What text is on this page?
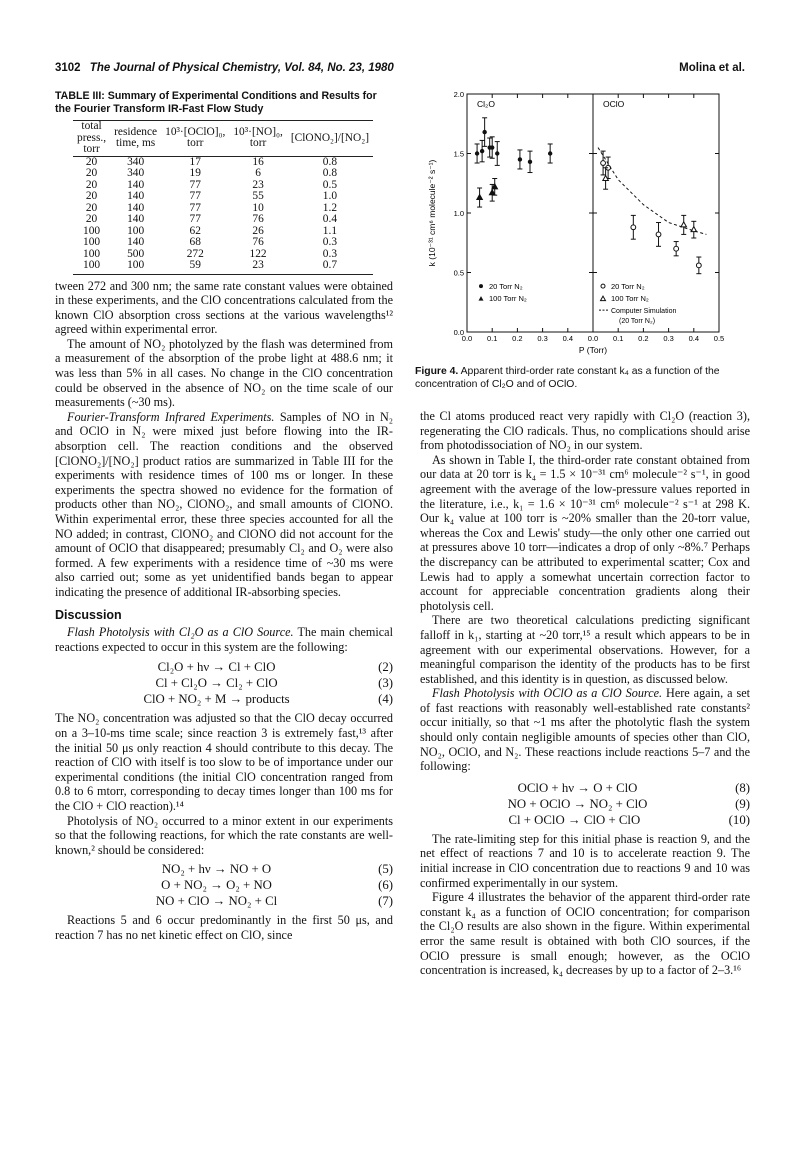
3102 The Journal of Physical Chemistry, Vol. 84, No. 23, 1980	Molina et al.
TABLE III: Summary of Experimental Conditions and Results for the Fourier Transform IR-Fast Flow Study
total press., torr	residence time, ms	10³·[OClO]₀, torr	10³·[NO]₀, torr	[ClONO₂]/[NO₂]
20	340	17	16	0.8
20	340	19	6	0.8
20	140	77	23	0.5
20	140	77	55	1.0
20	140	77	10	1.2
20	140	77	76	0.4
100	100	62	26	1.1
100	140	68	76	0.3
100	500	272	122	0.3
100	100	59	23	0.7

tween 272 and 300 nm; the same rate constant values were obtained in these experiments, and the ClO concentrations calculated from the known ClO absorption cross sections at the various wavelengths¹² agreed within experimental error.

The amount of NO₂ photolyzed by the flash was determined from a measurement of the absorption of the probe light at 488.6 nm; it was less than 5% in all cases. No change in the ClO concentration could be observed in the absence of NO₂ on the time scale of our measurements (~30 ms).

Fourier-Transform Infrared Experiments. Samples of NO in N₂ and OClO in N₂ were mixed just before flowing into the IR-absorption cell. The reaction conditions and the observed [ClONO₂]/[NO₂] product ratios are summarized in Table III for the experiments with residence times of 100 ms or longer. In these experiments the spectra showed no evidence for the formation of products other than NO₂, ClONO₂, and small amounts of ClONO. Within experimental error, these three species accounted for all the NO added; in contrast, ClONO₂ and ClONO did not account for the amount of OClO that disappeared; presumably Cl₂ and O₂ were also formed. A few experiments with a residence time of ~30 ms were also carried out; some as yet unidentified bands began to appear indicating the presence of additional IR-absorbing species.

Discussion

Flash Photolysis with Cl₂O as a ClO Source. The main chemical reactions expected to occur in this system are the following:

Cl₂O + hν → Cl + ClO	(2)
Cl + Cl₂O → Cl₂ + ClO	(3)
ClO + NO₂ + M → products	(4)

The NO₂ concentration was adjusted so that the ClO decay occurred on a 3–10-ms time scale; since reaction 3 is extremely fast,¹³ after the initial 50 μs only reaction 4 should contribute to this decay. The reaction of ClO with itself is too slow to be of importance under our experimental conditions (the initial ClO concentration ranged from 0.8 to 6 mtorr, corresponding to decay times longer than 100 ms for the ClO + ClO reaction).¹⁴

Photolysis of NO₂ occurred to a minor extent in our experiments so that the following reactions, for which the rate constants are well-known,² should be considered:

NO₂ + hν → NO + O	(5)
O + NO₂ → O₂ + NO	(6)
NO + ClO → NO₂ + Cl	(7)

Reactions 5 and 6 occur predominantly in the first 50 μs, and reaction 7 has no net kinetic effect on ClO, since

Cl₂O
0.0 0.1 0.2 0.3 0.4
OClO
0.0 0.1 0.2 0.3 0.4 0.5
0.0
0.5
1.0
1.5
2.0
k (10⁻³¹ cm⁶ molecule⁻² s⁻¹)
P (Torr)
20 Torr N₂
100 Torr N₂
20 Torr N₂
100 Torr N₂
Computer Simulation
(20 Torr N₂)
Figure 4. Apparent third-order rate constant k₄ as a function of the concentration of Cl₂O and of OClO.

the Cl atoms produced react very rapidly with Cl₂O (reaction 3), regenerating the ClO radicals. Thus, no complications should arise from photodissociation of NO₂ in our system.

As shown in Table I, the third-order rate constant obtained from our data at 20 torr is k₄ = 1.5 × 10⁻³¹ cm⁶ molecule⁻² s⁻¹, in good agreement with the average of the low-pressure values reported in the literature, i.e., k₁ = 1.6 × 10⁻³¹ cm⁶ molecule⁻² s⁻¹ at 298 K. Our k₄ value at 100 torr is ~20% smaller than the 20-torr value, whereas the Cox and Lewis' study—the only other one carried out at pressures above 10 torr—indicates a drop of only ~8%.⁷ Perhaps the discrepancy can be attributed to experimental scatter; Cox and Lewis had to apply a somewhat uncertain correction factor to account for appreciable concentration gradients along their photolysis cell.

There are two theoretical calculations predicting significant falloff in k₁, starting at ~20 torr,¹⁵ a result which appears to be in agreement with our experimental observations. However, for a meaningful comparison the identity of the products has to be first established, and this identity is in question, as discussed below.

Flash Photolysis with OClO as a ClO Source. Here again, a set of fast reactions with reasonably well-established rate constants² occur initially, so that ~1 ms after the photolytic flash the system should only contain negligible amounts of species other than ClO, NO₂, OClO, and N₂. These reactions include reactions 5–7 and the following:

OClO + hν → O + ClO	(8)
NO + OClO → NO₂ + ClO	(9)
Cl + OClO → ClO + ClO	(10)

The rate-limiting step for this initial phase is reaction 9, and the net effect of reactions 7 and 10 is to accelerate reaction 9. The initial increase in ClO concentration due to reactions 9 and 10 was confirmed experimentally in our system.

Figure 4 illustrates the behavior of the apparent third-order rate constant k₄ as a function of OClO concentration; for comparison the Cl₂O results are also shown in the figure. Within experimental error the same result is obtained with both ClO sources, if the OClO pressure is small enough; however, as the OClO concentration is increased, k₄ decreases by up to a factor of 2–3.¹⁶
